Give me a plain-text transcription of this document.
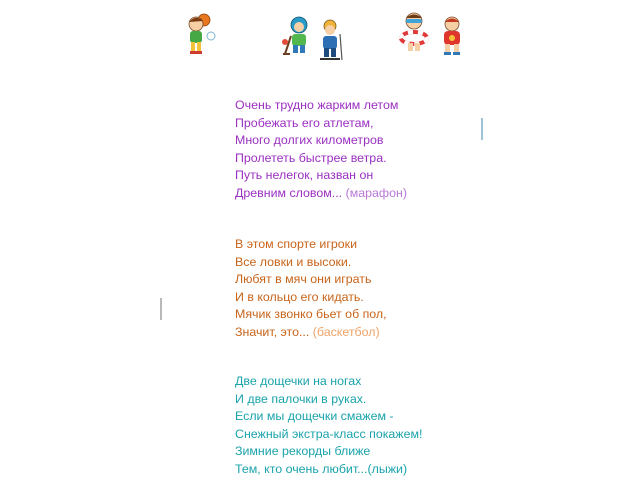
Очень трудно жарким летом
Пробежать его атлетам,
Много долгих километров
Пролететь быстрее ветра.
Путь нелегок, назван он
Древним словом... (марафон)
В этом спорте игроки
Все ловки и высоки.
Любят в мяч они играть
И в кольцо его кидать.
Мячик звонко бьет об пол,
Значит, это... (баскетбол)
Две дощечки на ногах
И две палочки в руках.
Если мы дощечки смажем -
Снежный экстра-класс покажем!
Зимние рекорды ближе
Тем, кто очень любит...(лыжи)
